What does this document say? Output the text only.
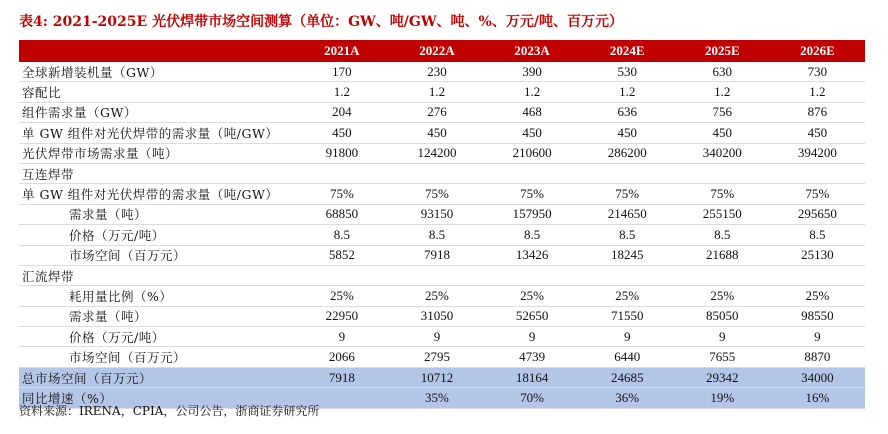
表4: 2021-2025E 光伏焊带市场空间测算（单位：GW、吨/GW、吨、%、万元/吨、百万元）
	2021A	2022A	2023A	2024E	2025E	2026E
全球新增装机量（GW）	170	230	390	530	630	730
容配比	1.2	1.2	1.2	1.2	1.2	1.2
组件需求量（GW）	204	276	468	636	756	876
单 GW 组件对光伏焊带的需求量（吨/GW）	450	450	450	450	450	450
光伏焊带市场需求量（吨）	91800	124200	210600	286200	340200	394200
互连焊带						
单 GW 组件对光伏焊带的需求量（吨/GW）	75%	75%	75%	75%	75%	75%
需求量（吨）	68850	93150	157950	214650	255150	295650
价格（万元/吨）	8.5	8.5	8.5	8.5	8.5	8.5
市场空间（百万元）	5852	7918	13426	18245	21688	25130
汇流焊带						
耗用量比例（%）	25%	25%	25%	25%	25%	25%
需求量（吨）	22950	31050	52650	71550	85050	98550
价格（万元/吨）	9	9	9	9	9	9
市场空间（百万元）	2066	2795	4739	6440	7655	8870
总市场空间（百万元）	7918	10712	18164	24685	29342	34000
同比增速（%）		35%	70%	36%	19%	16%
资料来源：IRENA，CPIA，公司公告，浙商证券研究所
